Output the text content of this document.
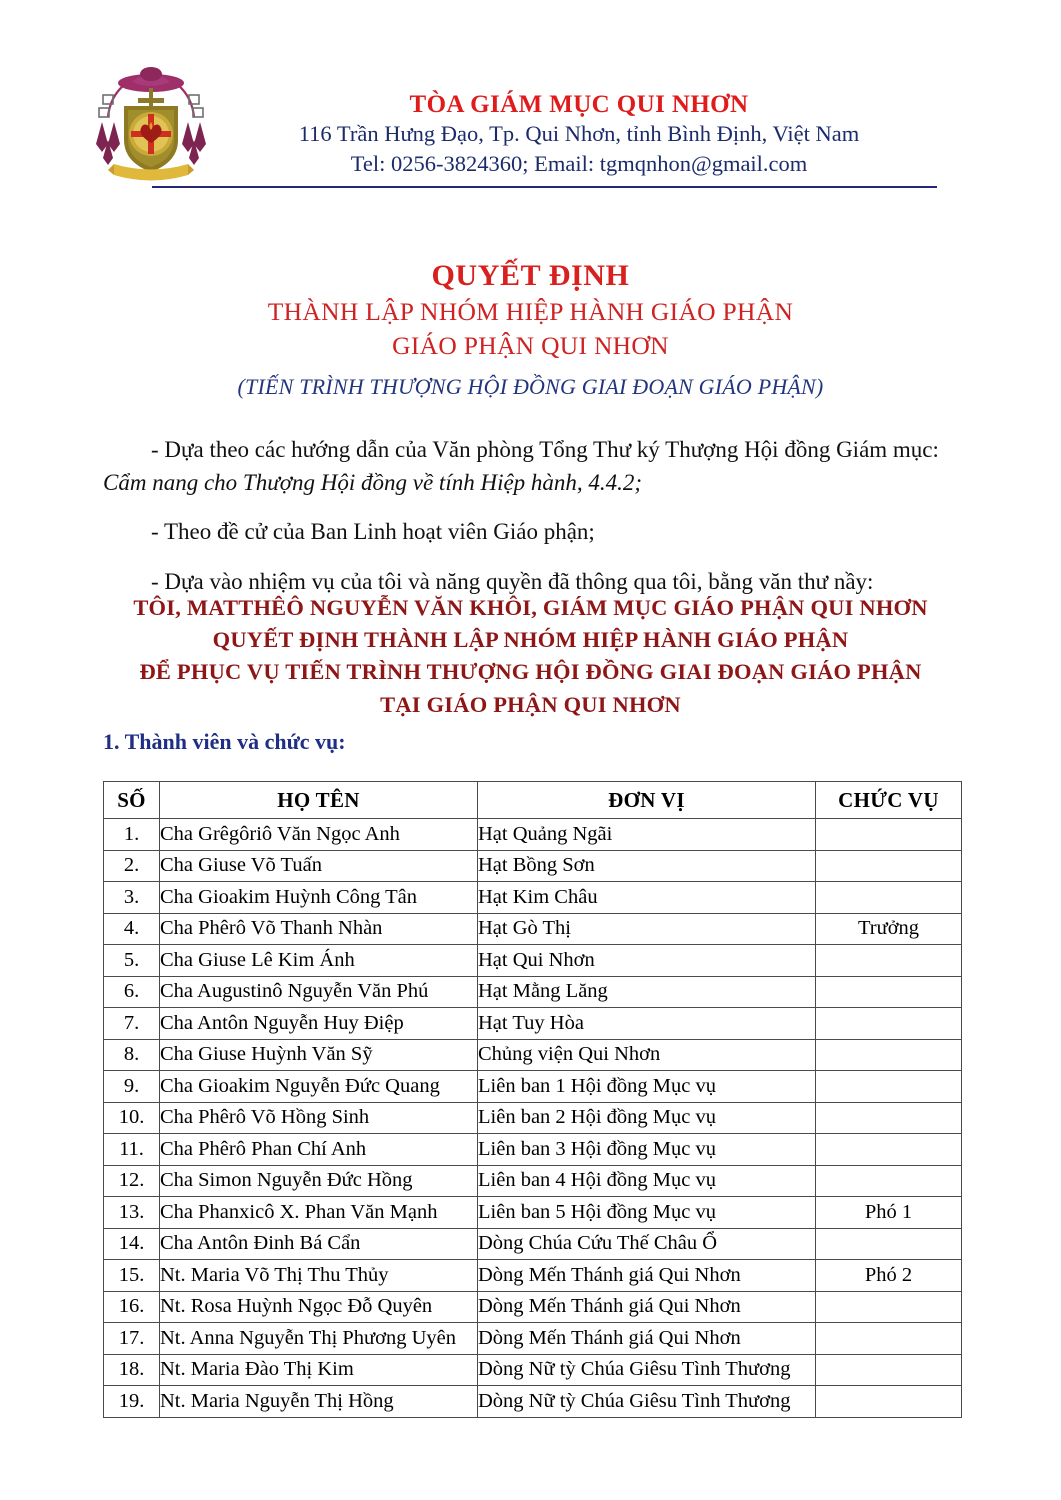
TÒA GIÁM MỤC QUI NHƠN
116 Trần Hưng Đạo, Tp. Qui Nhơn, tỉnh Bình Định, Việt Nam
Tel: 0256-3824360; Email: tgmqnhon@gmail.com
QUYẾT ĐỊNH
THÀNH LẬP NHÓM HIỆP HÀNH GIÁO PHẬN
GIÁO PHẬN QUI NHƠN
(TIẾN TRÌNH THƯỢNG HỘI ĐỒNG GIAI ĐOẠN GIÁO PHẬN)
- Dựa theo các hướng dẫn của Văn phòng Tổng Thư ký Thượng Hội đồng Giám mục: Cẩm nang cho Thượng Hội đồng về tính Hiệp hành, 4.4.2;
- Theo đề cử của Ban Linh hoạt viên Giáo phận;
- Dựa vào nhiệm vụ của tôi và năng quyền đã thông qua tôi, bằng văn thư nầy:
TÔI, MATTHÊÔ NGUYỄN VĂN KHÔI, GIÁM MỤC GIÁO PHẬN QUI NHƠN
QUYẾT ĐỊNH THÀNH LẬP NHÓM HIỆP HÀNH GIÁO PHẬN
ĐỂ PHỤC VỤ TIẾN TRÌNH THƯỢNG HỘI ĐỒNG GIAI ĐOẠN GIÁO PHẬN
TẠI GIÁO PHẬN QUI NHƠN
1. Thành viên và chức vụ:
SỐ	HỌ TÊN	ĐƠN VỊ	CHỨC VỤ
1.	Cha Grêgôriô Văn Ngọc Anh	Hạt Quảng Ngãi	
2.	Cha Giuse Võ Tuấn	Hạt Bồng Sơn	
3.	Cha Gioakim Huỳnh Công Tân	Hạt Kim Châu	
4.	Cha Phêrô Võ Thanh Nhàn	Hạt Gò Thị	Trưởng
5.	Cha Giuse Lê Kim Ánh	Hạt Qui Nhơn	
6.	Cha Augustinô Nguyễn Văn Phú	Hạt Mằng Lăng	
7.	Cha Antôn Nguyễn Huy Điệp	Hạt Tuy Hòa	
8.	Cha Giuse Huỳnh Văn Sỹ	Chủng viện Qui Nhơn	
9.	Cha Gioakim Nguyễn Đức Quang	Liên ban 1 Hội đồng Mục vụ	
10.	Cha Phêrô Võ Hồng Sinh	Liên ban 2 Hội đồng Mục vụ	
11.	Cha Phêrô Phan Chí Anh	Liên ban 3 Hội đồng Mục vụ	
12.	Cha Simon Nguyễn Đức Hồng	Liên ban 4 Hội đồng Mục vụ	
13.	Cha Phanxicô X. Phan Văn Mạnh	Liên ban 5 Hội đồng Mục vụ	Phó 1
14.	Cha Antôn Đinh Bá Cẩn	Dòng Chúa Cứu Thế Châu Ổ	
15.	Nt. Maria Võ Thị Thu Thủy	Dòng Mến Thánh giá Qui Nhơn	Phó 2
16.	Nt. Rosa Huỳnh Ngọc Đỗ Quyên	Dòng Mến Thánh giá Qui Nhơn	
17.	Nt. Anna Nguyễn Thị Phương Uyên	Dòng Mến Thánh giá Qui Nhơn	
18.	Nt. Maria Đào Thị Kim	Dòng Nữ tỳ Chúa Giêsu Tình Thương	
19.	Nt. Maria Nguyễn Thị Hồng	Dòng Nữ tỳ Chúa Giêsu Tình Thương	
